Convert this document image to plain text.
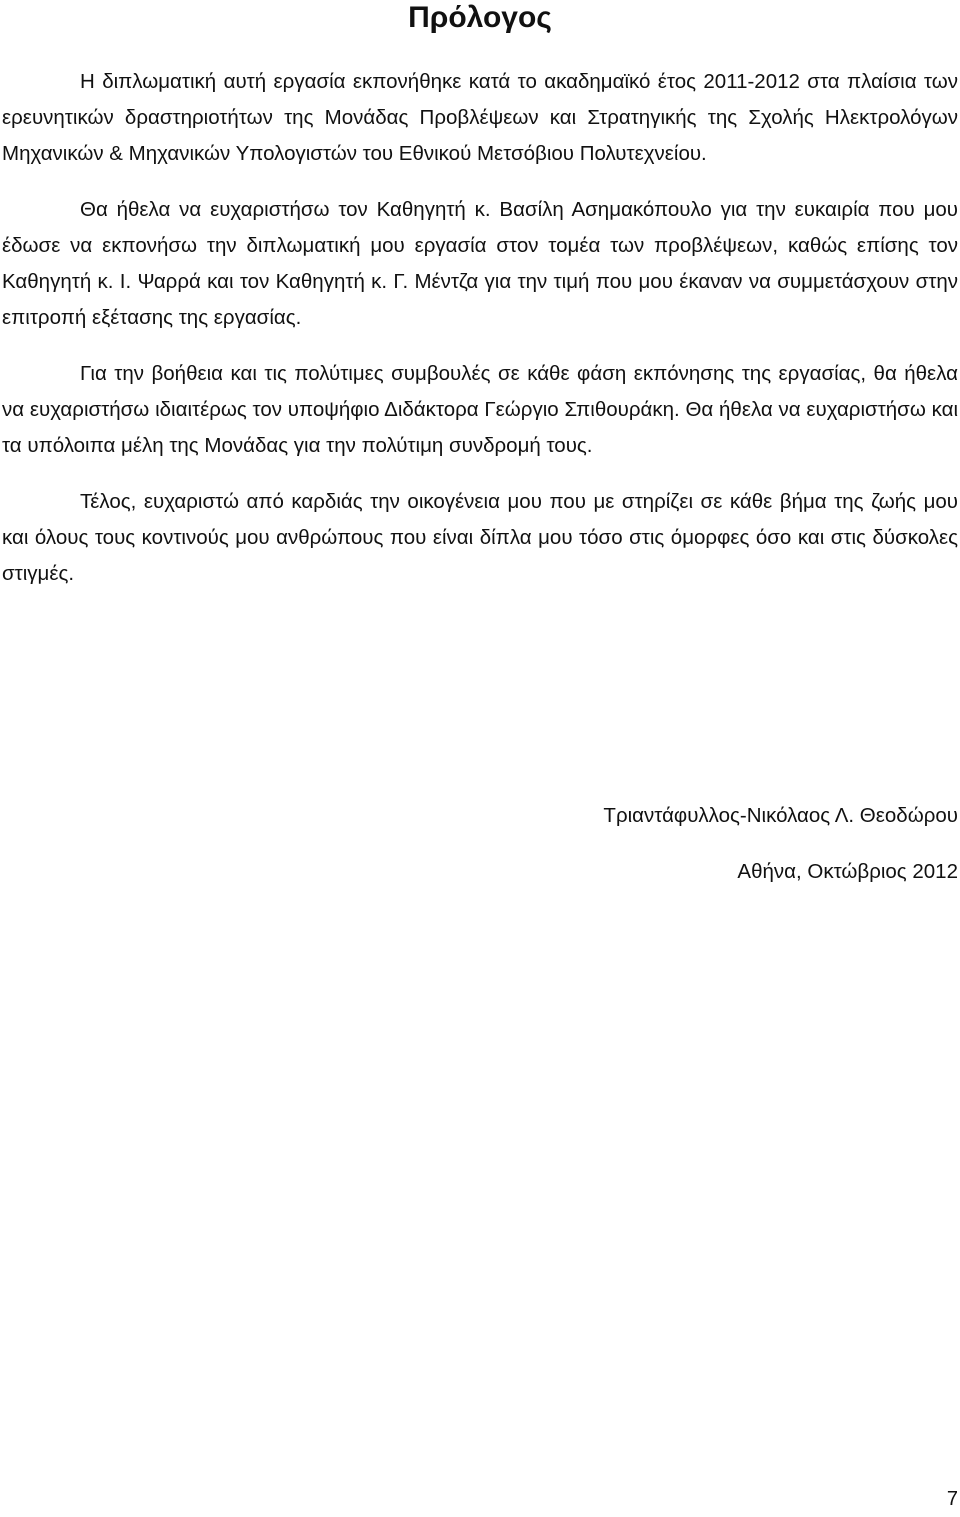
Πρόλογος

Η διπλωματική αυτή εργασία εκπονήθηκε κατά το ακαδημαϊκό έτος 2011-2012 στα πλαίσια των ερευνητικών δραστηριοτήτων της Μονάδας Προβλέψεων και Στρατηγικής της Σχολής Ηλεκτρολόγων Μηχανικών & Μηχανικών Υπολογιστών του Εθνικού Μετσόβιου Πολυτεχνείου.

Θα ήθελα να ευχαριστήσω τον Καθηγητή κ. Βασίλη Ασημακόπουλο για την ευκαιρία που μου έδωσε να εκπονήσω την διπλωματική μου εργασία στον τομέα των προβλέψεων, καθώς επίσης τον Καθηγητή κ. Ι. Ψαρρά και τον Καθηγητή κ. Γ. Μέντζα για την τιμή που μου έκαναν να συμμετάσχουν στην επιτροπή εξέτασης της εργασίας.

Για την βοήθεια και τις πολύτιμες συμβουλές σε κάθε φάση εκπόνησης της εργασίας, θα ήθελα να ευχαριστήσω ιδιαιτέρως τον υποψήφιο Διδάκτορα Γεώργιο Σπιθουράκη. Θα ήθελα να ευχαριστήσω και τα υπόλοιπα μέλη της Μονάδας για την πολύτιμη συνδρομή τους.

Τέλος, ευχαριστώ από καρδιάς την οικογένεια μου που με στηρίζει σε κάθε βήμα της ζωής μου και όλους τους κοντινούς μου ανθρώπους που είναι δίπλα μου τόσο στις όμορφες όσο και στις δύσκολες στιγμές.

Τριαντάφυλλος-Νικόλαος Λ. Θεοδώρου

Αθήνα, Οκτώβριος 2012

7
